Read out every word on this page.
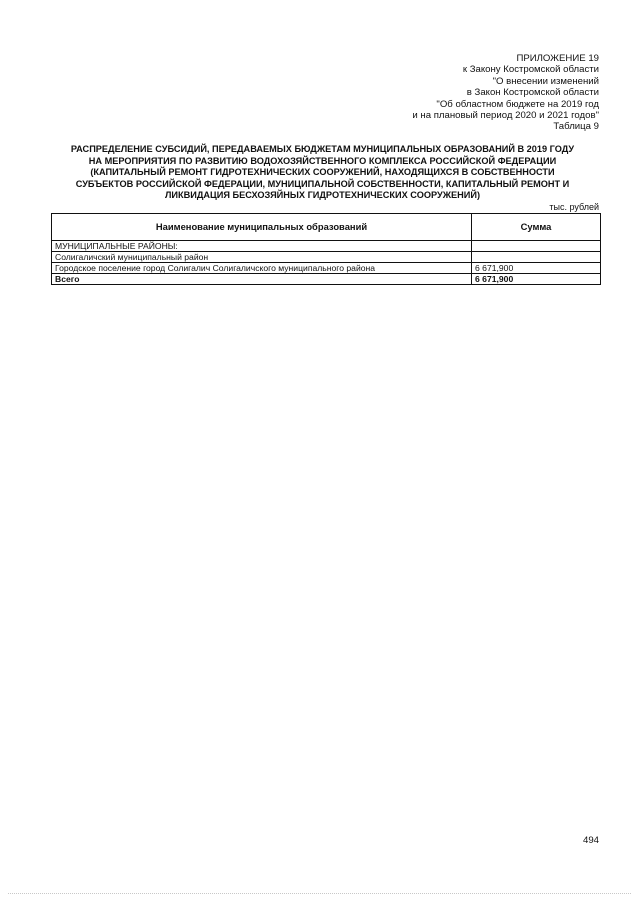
ПРИЛОЖЕНИЕ 19
к Закону Костромской области
"О внесении изменений
в Закон Костромской области
"Об областном бюджете на 2019 год
и на плановый период 2020 и 2021 годов"
Таблица 9
РАСПРЕДЕЛЕНИЕ СУБСИДИЙ, ПЕРЕДАВАЕМЫХ БЮДЖЕТАМ МУНИЦИПАЛЬНЫХ ОБРАЗОВАНИЙ В 2019 ГОДУ
НА МЕРОПРИЯТИЯ ПО РАЗВИТИЮ ВОДОХОЗЯЙСТВЕННОГО КОМПЛЕКСА РОССИЙСКОЙ ФЕДЕРАЦИИ
(КАПИТАЛЬНЫЙ РЕМОНТ ГИДРОТЕХНИЧЕСКИХ СООРУЖЕНИЙ, НАХОДЯЩИХСЯ В СОБСТВЕННОСТИ
СУБЪЕКТОВ РОССИЙСКОЙ ФЕДЕРАЦИИ, МУНИЦИПАЛЬНОЙ СОБСТВЕННОСТИ, КАПИТАЛЬНЫЙ РЕМОНТ И
ЛИКВИДАЦИЯ БЕСХОЗЯЙНЫХ ГИДРОТЕХНИЧЕСКИХ СООРУЖЕНИЙ)
тыс. рублей
Наименование муниципальных образований	Сумма
МУНИЦИПАЛЬНЫЕ РАЙОНЫ:	
Солигаличский муниципальный район	
Городское поселение город Солигалич Солигаличского муниципального района	6 671,900
Всего	6 671,900
494
